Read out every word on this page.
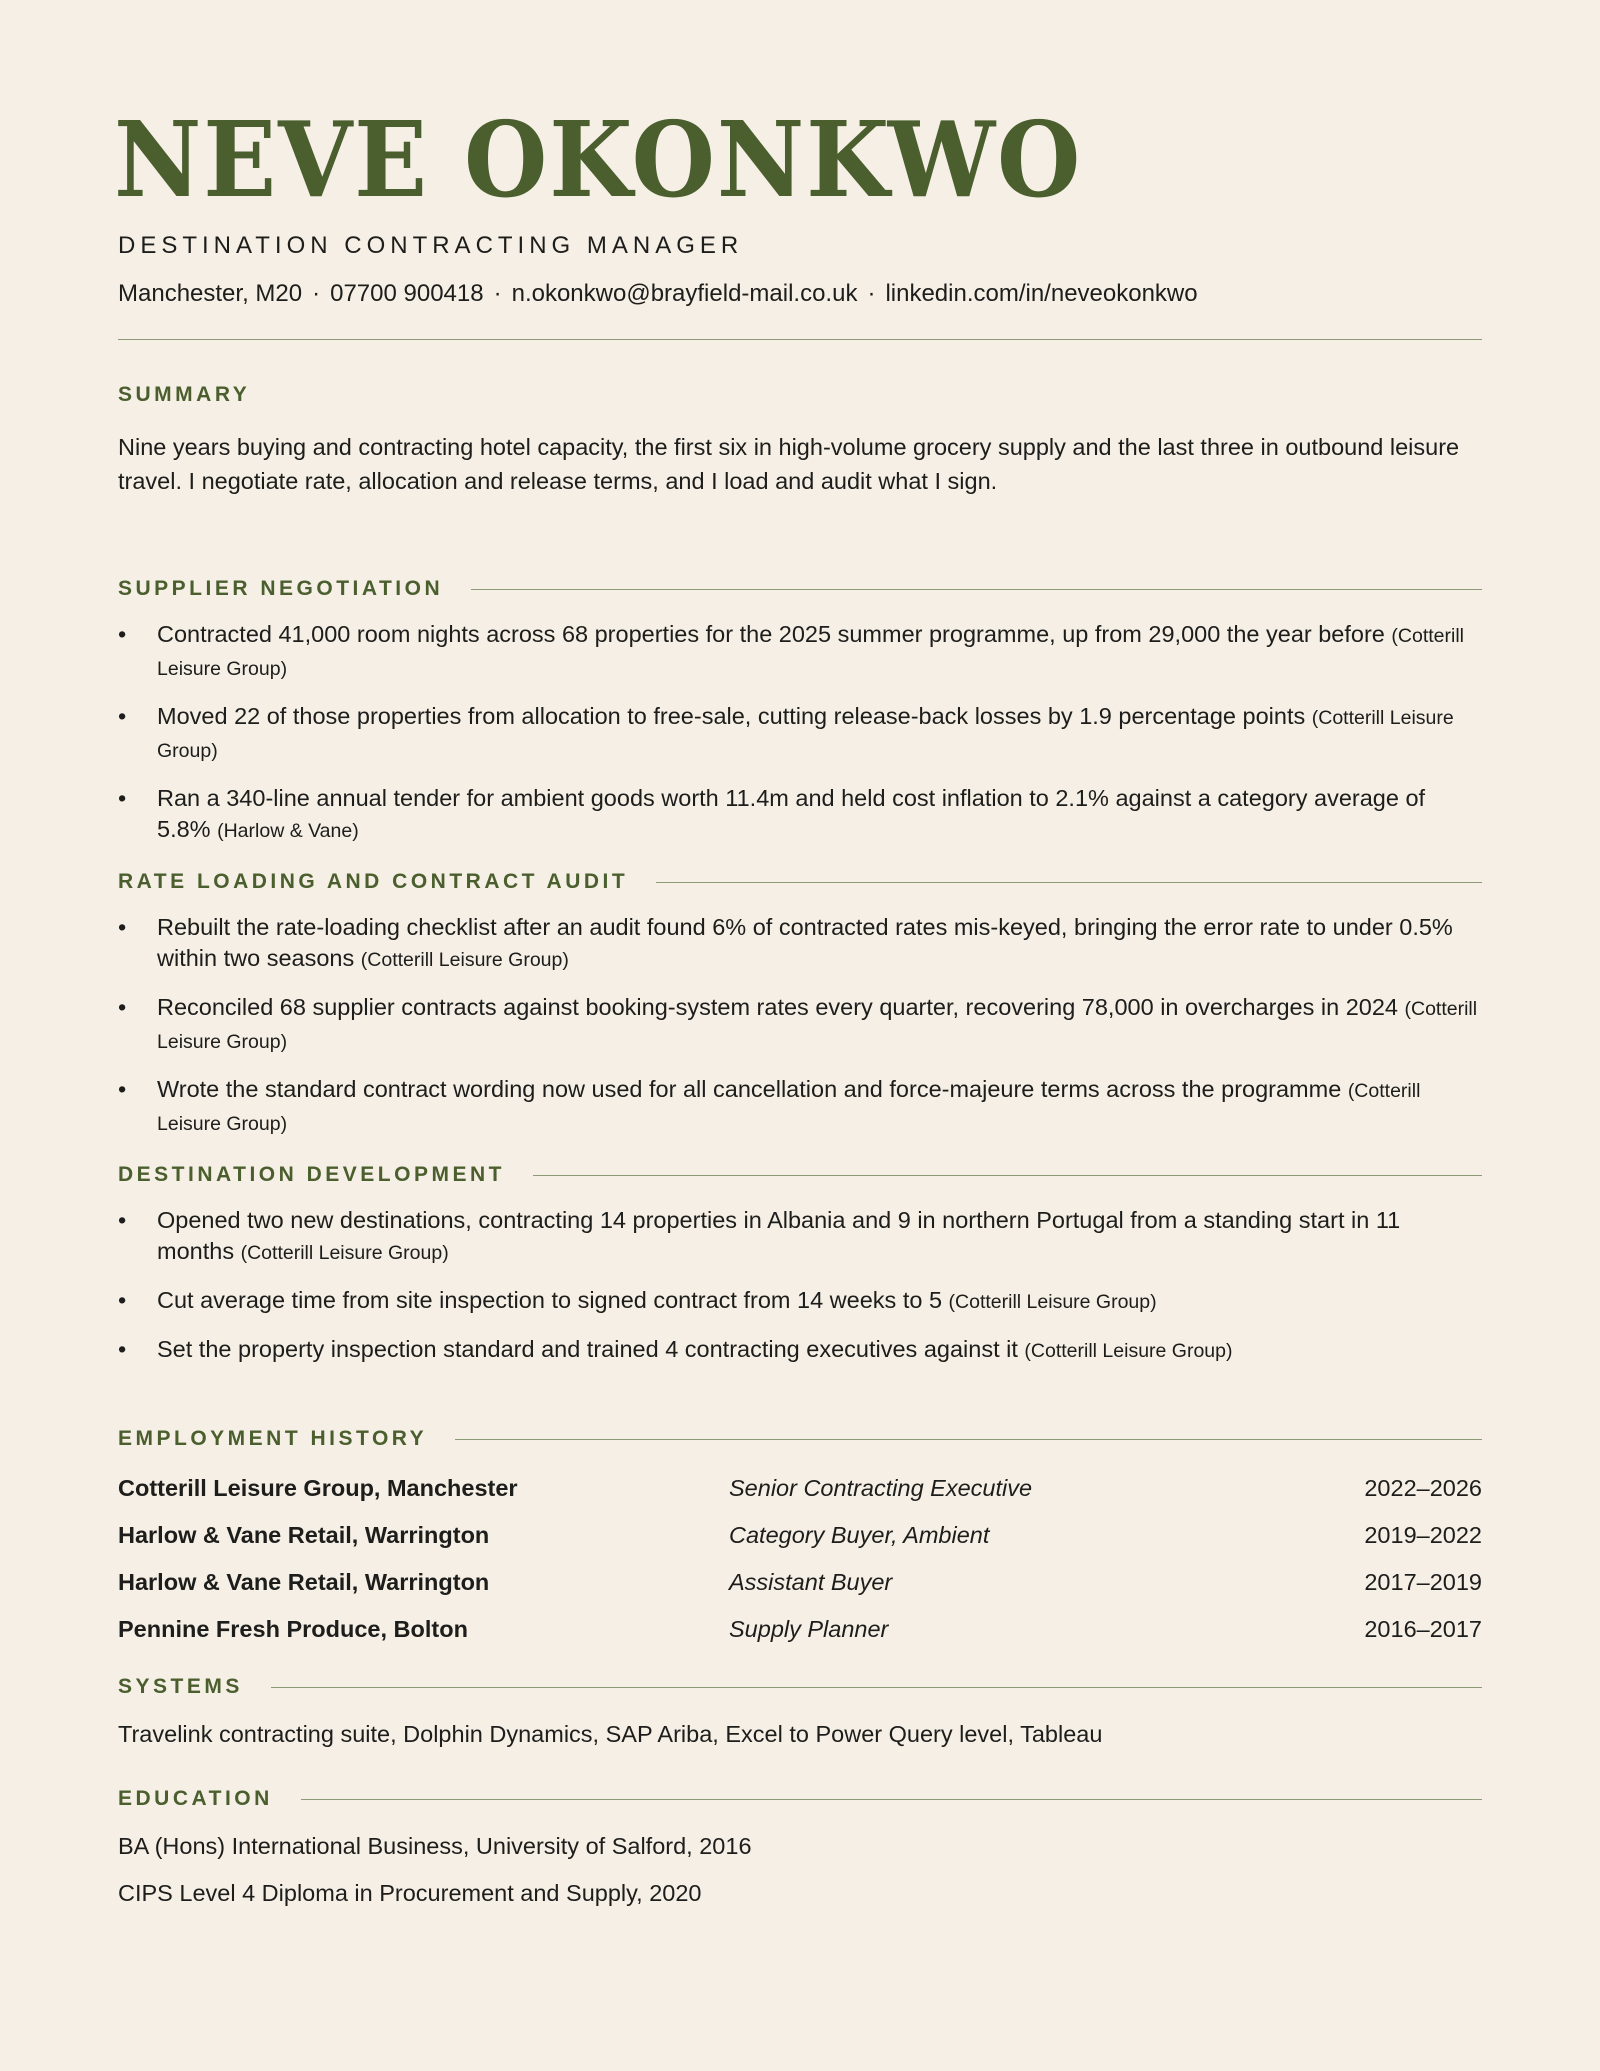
NEVE OKONKWO
DESTINATION CONTRACTING MANAGER
Manchester, M20 · 07700 900418 · n.okonkwo@brayfield-mail.co.uk · linkedin.com/in/neveokonkwo
SUMMARY
Nine years buying and contracting hotel capacity, the first six in high-volume grocery supply and the last three in outbound leisure travel. I negotiate rate, allocation and release terms, and I load and audit what I sign.
SUPPLIER NEGOTIATION
• Contracted 41,000 room nights across 68 properties for the 2025 summer programme, up from 29,000 the year before (Cotterill Leisure Group)
• Moved 22 of those properties from allocation to free-sale, cutting release-back losses by 1.9 percentage points (Cotterill Leisure Group)
• Ran a 340-line annual tender for ambient goods worth 11.4m and held cost inflation to 2.1% against a category average of 5.8% (Harlow & Vane)
RATE LOADING AND CONTRACT AUDIT
• Rebuilt the rate-loading checklist after an audit found 6% of contracted rates mis-keyed, bringing the error rate to under 0.5% within two seasons (Cotterill Leisure Group)
• Reconciled 68 supplier contracts against booking-system rates every quarter, recovering 78,000 in overcharges in 2024 (Cotterill Leisure Group)
• Wrote the standard contract wording now used for all cancellation and force-majeure terms across the programme (Cotterill Leisure Group)
DESTINATION DEVELOPMENT
• Opened two new destinations, contracting 14 properties in Albania and 9 in northern Portugal from a standing start in 11 months (Cotterill Leisure Group)
• Cut average time from site inspection to signed contract from 14 weeks to 5 (Cotterill Leisure Group)
• Set the property inspection standard and trained 4 contracting executives against it (Cotterill Leisure Group)
EMPLOYMENT HISTORY
Cotterill Leisure Group, Manchester	Senior Contracting Executive	2022–2026
Harlow & Vane Retail, Warrington	Category Buyer, Ambient	2019–2022
Harlow & Vane Retail, Warrington	Assistant Buyer	2017–2019
Pennine Fresh Produce, Bolton	Supply Planner	2016–2017
SYSTEMS
Travelink contracting suite, Dolphin Dynamics, SAP Ariba, Excel to Power Query level, Tableau
EDUCATION
BA (Hons) International Business, University of Salford, 2016
CIPS Level 4 Diploma in Procurement and Supply, 2020
